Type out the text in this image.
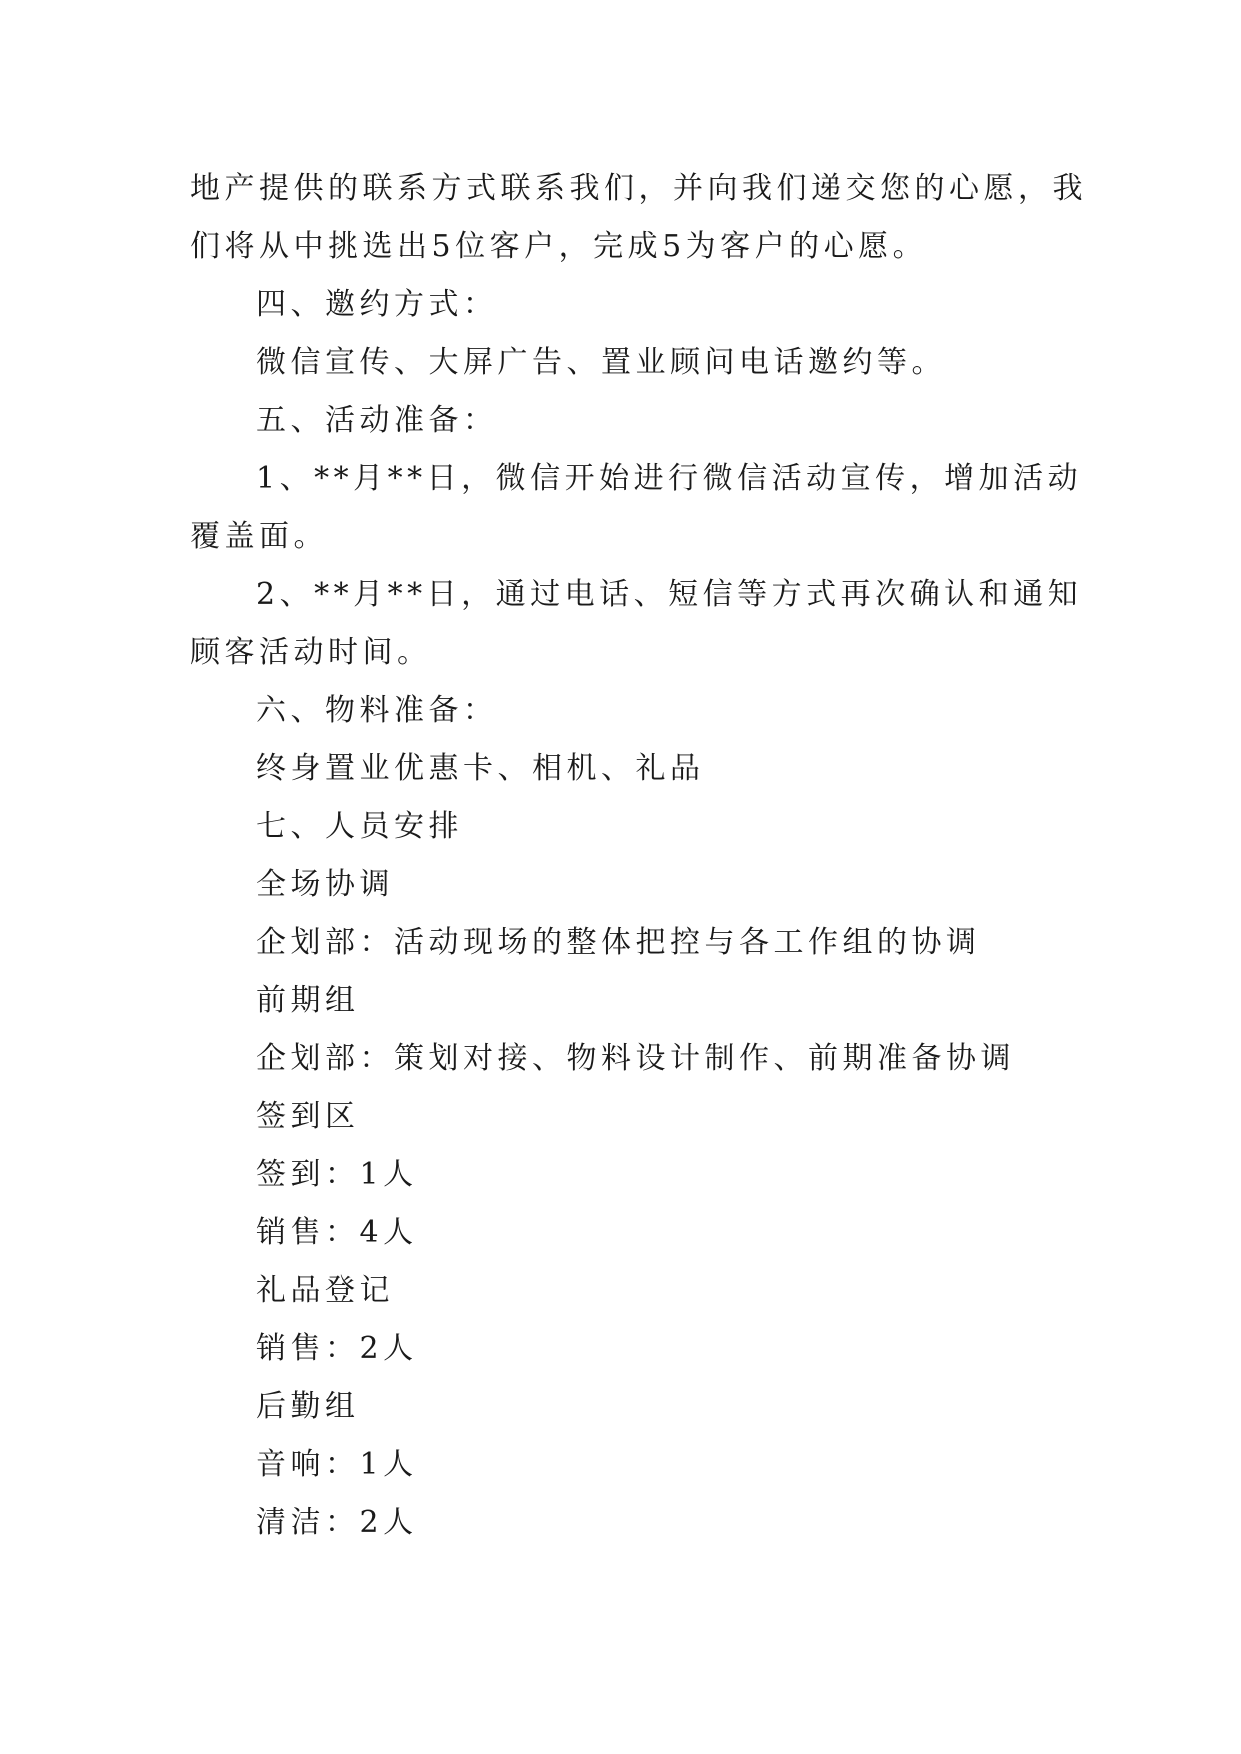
地产提供的联系方式联系我们，并向我们递交您的心愿，我
们将从中挑选出5位客户，完成5为客户的心愿。
四、邀约方式：
微信宣传、大屏广告、置业顾问电话邀约等。
五、活动准备：
1、**月**日，微信开始进行微信活动宣传，增加活动
覆盖面。
2、**月**日，通过电话、短信等方式再次确认和通知
顾客活动时间。
六、物料准备：
终身置业优惠卡、相机、礼品
七、人员安排
全场协调
企划部：活动现场的整体把控与各工作组的协调
前期组
企划部：策划对接、物料设计制作、前期准备协调
签到区
签到：1人
销售：4人
礼品登记
销售：2人
后勤组
音响：1人
清洁：2人
